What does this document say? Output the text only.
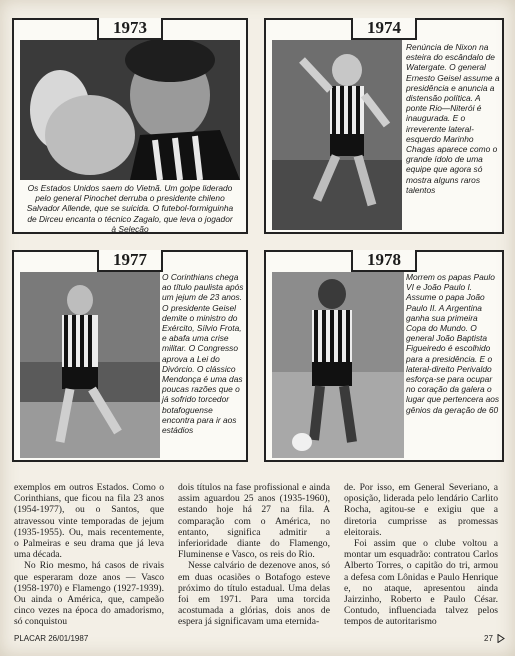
1973

Os Estados Unidos saem do Vietnã. Um golpe liderado pelo general Pinochet derruba o presidente chileno Salvador Allende, que se suicida. O futebol-formiguinha de Dirceu encanta o técnico Zagalo, que leva o jogador à Seleção

1974

Renúncia de Nixon na esteira do escândalo de Watergate. O general Ernesto Geisel assume a presidência e anuncia a distensão política. A ponte Rio—Niterói é inaugurada. E o irreverente lateral-esquerdo Marinho Chagas aparece como o grande ídolo de uma equipe que agora só mostra alguns raros talentos

1977

O Corinthians chega ao título paulista após um jejum de 23 anos. O presidente Geisel demite o ministro do Exército, Sílvio Frota, e abafa uma crise militar. O Congresso aprova a Lei do Divórcio. O clássico Mendonça é uma das poucas razões que o já sofrido torcedor botafoguense encontra para ir aos estádios

1978

Morrem os papas Paulo VI e João Paulo I. Assume o papa João Paulo II. A Argentina ganha sua primeira Copa do Mundo. O general João Baptista Figueiredo é escolhido para a presidência. E o lateral-direito Perivaldo esforça-se para ocupar no coração da galera o lugar que pertencera aos gênios da geração de 60

exemplos em outros Estados. Como o Corinthians, que ficou na fila 23 anos (1954-1977), ou o Santos, que atravessou vinte temporadas de jejum (1935-1955). Ou, mais recentemente, o Palmeiras e seu drama que já leva uma década.

No Rio mesmo, há casos de rivais que esperaram doze anos — Vasco (1958-1970) e Flamengo (1927-1939). Ou ainda o América, que, campeão cinco vezes na época do amadorismo, só conquistou

dois títulos na fase profissional e ainda assim aguardou 25 anos (1935-1960), estando hoje há 27 na fila. A comparação com o América, no entanto, significa admitir a inferioridade diante do Flamengo, Fluminense e Vasco, os reis do Rio.

Nesse calvário de dezenove anos, só em duas ocasiões o Botafogo esteve próximo do título estadual. Uma delas foi em 1971. Para uma torcida acostumada a glórias, dois anos de espera já significavam uma eternida-

de. Por isso, em General Severiano, a oposição, liderada pelo lendário Carlito Rocha, agitou-se e exigiu que a diretoria cumprisse as promessas eleitorais.

Foi assim que o clube voltou a montar um esquadrão: contratou Carlos Alberto Torres, o capitão do tri, armou a defesa com Lônidas e Paulo Henrique e, no ataque, apresentou ainda Jairzinho, Roberto e Paulo César. Contudo, influenciada talvez pelos tempos de autoritarismo

PLACAR 26/01/1987	27
